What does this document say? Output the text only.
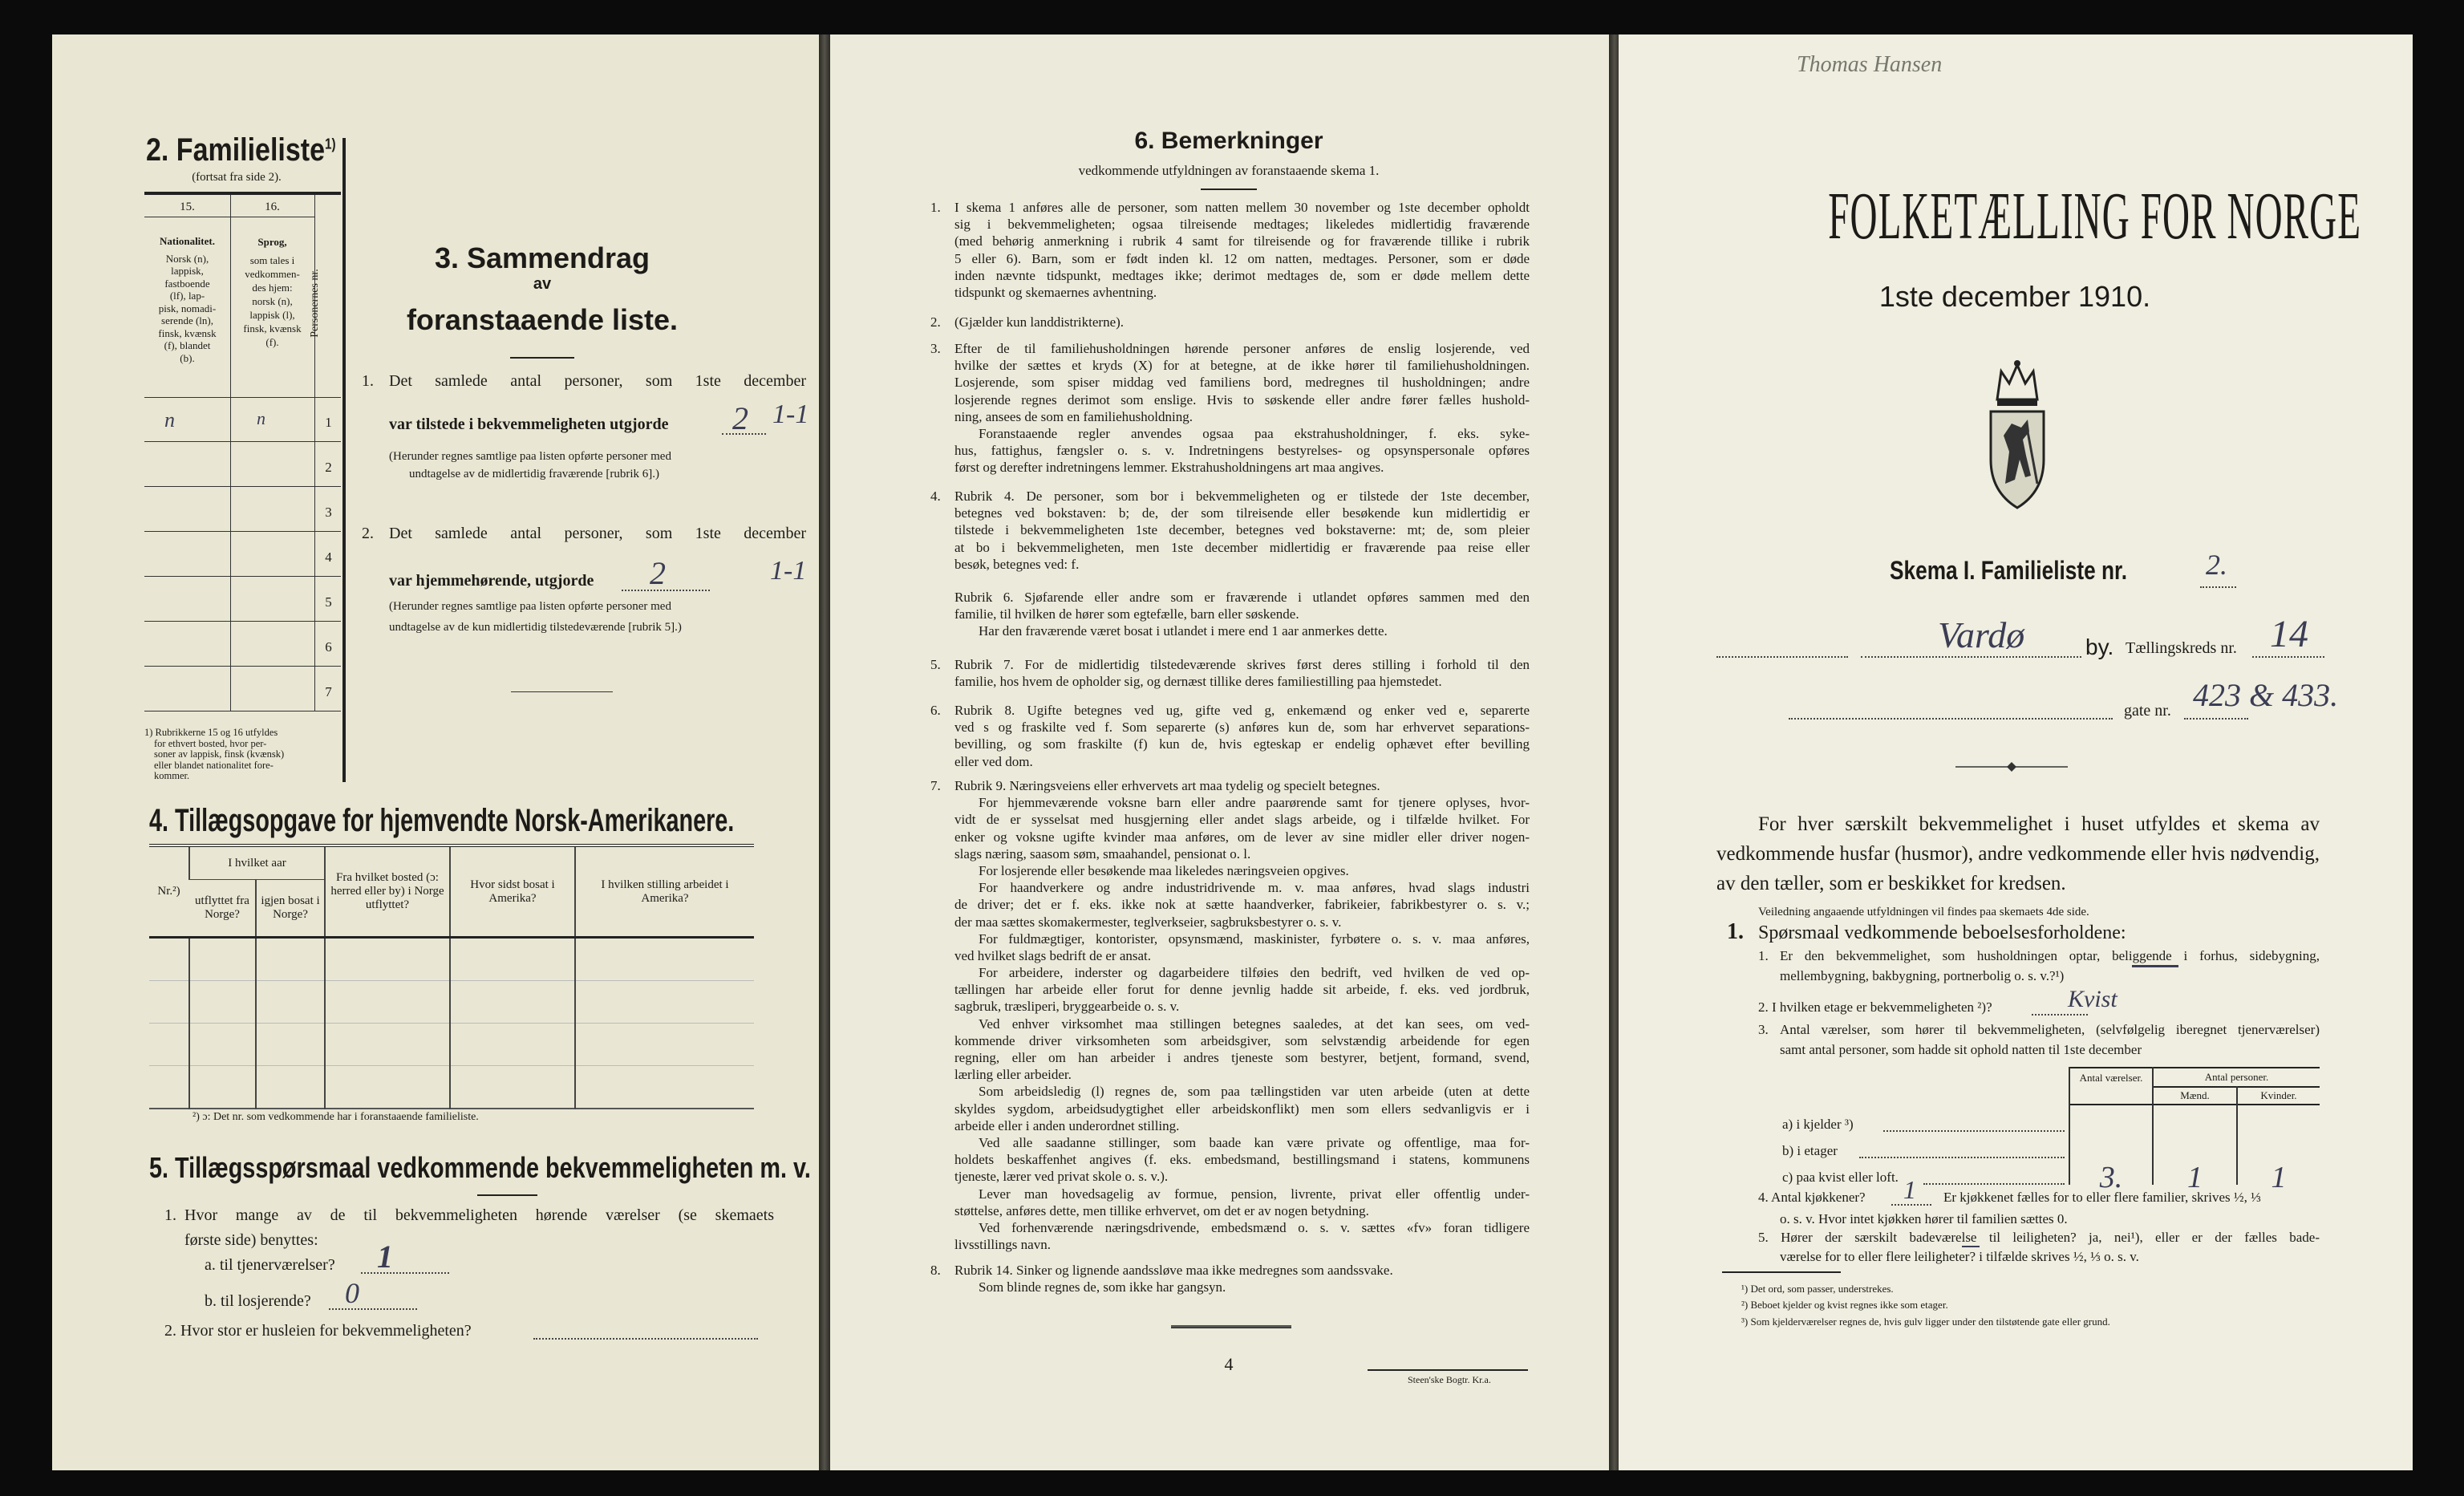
2. Familieliste$^{1)}$
(fortsat fra side 2).
15.	16.
Nationalitet.
Norsk (n),
lappisk,
fastboende
(lf), lap-
pisk, nomadi-
serende (ln),
finsk, kvænsk
(f), blandet
(b).
Sprog,
som tales i
vedkommen-
des hjem:
norsk (n),
lappisk (l),
finsk, kvænsk
(f).
Personernes nr.
n	n	1
2
3
4
5
6
7
1) Rubrikkerne 15 og 16 utfyldes
for ethvert bosted, hvor per-
soner av lappisk, finsk (kvænsk)
eller blandet nationalitet fore-
kommer.
3. Sammendrag
av
foranstaaende liste.
1. Det samlede antal personer, som 1ste december
var tilstede i bekvemmeligheten utgjorde 2 1-1
(Herunder regnes samtlige paa listen opførte personer med
undtagelse av de midlertidig fraværende [rubrik 6].)
2. Det samlede antal personer, som 1ste december
var hjemmehørende, utgjorde 2	1-1
(Herunder regnes samtlige paa listen opførte personer med
undtagelse av de kun midlertidig tilstedeværende [rubrik 5].)
4. Tillægsopgave for hjemvendte Norsk-Amerikanere.
Nr.²)	I hvilket aar		Fra hvilket bosted (ɔ: herred eller by) i Norge utflyttet?	Hvor sidst bosat i Amerika?	I hvilken stilling arbeidet i Amerika?
	utflyttet fra Norge?	igjen bosat i Norge?			

²) ɔ: Det nr. som vedkommende har i foranstaaende familieliste.
5. Tillægsspørsmaal vedkommende bekvemmeligheten m. v.
1. Hvor mange av de til bekvemmeligheten hørende værelser (se skemaets
første side) benyttes:
a. til tjenerværelser? 1
b. til losjerende? 0
2. Hvor stor er husleien for bekvemmeligheten?
6. Bemerkninger
vedkommende utfyldningen av foranstaaende skema 1.
1. I skema 1 anføres alle de personer, som natten mellem 30 november og 1ste december opholdt
sig i bekvemmeligheten; ogsaa tilreisende medtages; likeledes midlertidig fraværende
(med behørig anmerkning i rubrik 4 samt for tilreisende og for fraværende tillike i rubrik
5 eller 6). Barn, som er født inden kl. 12 om natten, medtages. Personer, som er døde
inden nævnte tidspunkt, medtages ikke; derimot medtages de, som er døde mellem dette
tidspunkt og skemaernes avhentning.
2. (Gjælder kun landdistrikterne).
3. Efter de til familiehusholdningen hørende personer anføres de enslig losjerende, ved
hvilke der sættes et kryds (X) for at betegne, at de ikke hører til familiehusholdningen.
Losjerende, som spiser middag ved familiens bord, medregnes til husholdningen; andre
losjerende regnes derimot som enslige. Hvis to søskende eller andre fører fælles hushold-
ning, ansees de som en familiehusholdning.
Foranstaaende regler anvendes ogsaa paa ekstrahusholdninger, f. eks. syke-
hus, fattighus, fængsler o. s. v. Indretningens bestyrelses- og opsynspersonale opføres
først og derefter indretningens lemmer. Ekstrahusholdningens art maa angives.
4. Rubrik 4. De personer, som bor i bekvemmeligheten og er tilstede der 1ste december,
betegnes ved bokstaven: b; de, der som tilreisende eller besøkende kun midlertidig er
tilstede i bekvemmeligheten 1ste december, betegnes ved bokstaverne: mt; de, som pleier
at bo i bekvemmeligheten, men 1ste december midlertidig er fraværende paa reise eller
besøk, betegnes ved: f.
Rubrik 6. Sjøfarende eller andre som er fraværende i utlandet opføres sammen med den
familie, til hvilken de hører som egtefælle, barn eller søskende.
Har den fraværende været bosat i utlandet i mere end 1 aar anmerkes dette.
5. Rubrik 7. For de midlertidig tilstedeværende skrives først deres stilling i forhold til den
familie, hos hvem de opholder sig, og dernæst tillike deres familiestilling paa hjemstedet.
6. Rubrik 8. Ugifte betegnes ved ug, gifte ved g, enkemænd og enker ved e, separerte
ved s og fraskilte ved f. Som separerte (s) anføres kun de, som har erhvervet separations-
bevilling, og som fraskilte (f) kun de, hvis egteskap er endelig ophævet efter bevilling
eller ved dom.
7. Rubrik 9. Næringsveiens eller erhvervets art maa tydelig og specielt betegnes.
For hjemmeværende voksne barn eller andre paarørende samt for tjenere oplyses, hvor-
vidt de er sysselsat med husgjerning eller andet slags arbeide, og i tilfælde hvilket. For
enker og voksne ugifte kvinder maa anføres, om de lever av sine midler eller driver nogen-
slags næring, saasom søm, smaahandel, pensionat o. l.
For losjerende eller besøkende maa likeledes næringsveien opgives.
For haandverkere og andre industridrivende m. v. maa anføres, hvad slags industri
de driver; det er f. eks. ikke nok at sætte haandverker, fabrikeier, fabrikbestyrer o. s. v.;
der maa sættes skomakermester, teglverkseier, sagbruksbestyrer o. s. v.
For fuldmægtiger, kontorister, opsynsmænd, maskinister, fyrbøtere o. s. v. maa anføres,
ved hvilket slags bedrift de er ansat.
For arbeidere, inderster og dagarbeidere tilføies den bedrift, ved hvilken de ved op-
tællingen har arbeide eller forut for denne jevnlig hadde sit arbeide, f. eks. ved jordbruk,
sagbruk, træsliperi, bryggearbeide o. s. v.
Ved enhver virksomhet maa stillingen betegnes saaledes, at det kan sees, om ved-
kommende driver virksomheten som arbeidsgiver, som selvstændig arbeidende for egen
regning, eller om han arbeider i andres tjeneste som bestyrer, betjent, formand, svend,
lærling eller arbeider.
Som arbeidsledig (l) regnes de, som paa tællingstiden var uten arbeide (uten at dette
skyldes sygdom, arbeidsudygtighet eller arbeidskonflikt) men som ellers sedvanligvis er i
arbeide eller i anden underordnet stilling.
Ved alle saadanne stillinger, som baade kan være private og offentlige, maa for-
holdets beskaffenhet angives (f. eks. embedsmand, bestillingsmand i statens, kommunens
tjeneste, lærer ved privat skole o. s. v.).
Lever man hovedsagelig av formue, pension, livrente, privat eller offentlig under-
støttelse, anføres dette, men tillike erhvervet, om det er av nogen betydning.
Ved forhenværende næringsdrivende, embedsmænd o. s. v. sættes «fv» foran tidligere
livsstillings navn.
8. Rubrik 14. Sinker og lignende aandssløve maa ikke medregnes som aandssvake.
Som blinde regnes de, som ikke har gangsyn.
4
Steen'ske Bogtr. Kr.a.
Thomas Hansen
FOLKETÆLLING FOR NORGE
1ste december 1910.
Skema I. Familieliste nr.	2.
Vardø	by. Tællingskreds nr. 14
gate nr. 423 & 433.
For hver særskilt bekvemmelighet i huset utfyldes et skema av vedkommende husfar (husmor), andre vedkommende eller hvis nødvendig, av den tæller, som er beskikket for kredsen.
Veiledning angaaende utfyldningen vil findes paa skemaets 4de side.
1. Spørsmaal vedkommende beboelsesforholdene:
1. Er den bekvemmelighet, som husholdningen optar, beliggende i forhus, sidebygning,
mellembygning, bakbygning, portnerbolig o. s. v.?¹)
2. I hvilken etage er bekvemmeligheten ²)?	Kvist
3. Antal værelser, som hører til bekvemmeligheten, (selvfølgelig iberegnet tjenerværelser)
samt antal personer, som hadde sit ophold natten til 1ste december
Antal værelser.	Antal personer.
Mænd.	Kvinder.
a) i kjelder ³)
b) i etager
c) paa kvist eller loft.	3.	1	1
4. Antal kjøkkener? 1 Er kjøkkenet fælles for to eller flere familier, skrives ½, ⅓
o. s. v. Hvor intet kjøkken hører til familien sættes 0.
5. Hører der særskilt badeværelse til leiligheten? ja, nei¹), eller er der fælles bade-
værelse for to eller flere leiligheter? i tilfælde skrives ½, ⅓ o. s. v.
¹) Det ord, som passer, understrekes.
²) Beboet kjelder og kvist regnes ikke som etager.
³) Som kjelderværelser regnes de, hvis gulv ligger under den tilstøtende gate eller grund.
